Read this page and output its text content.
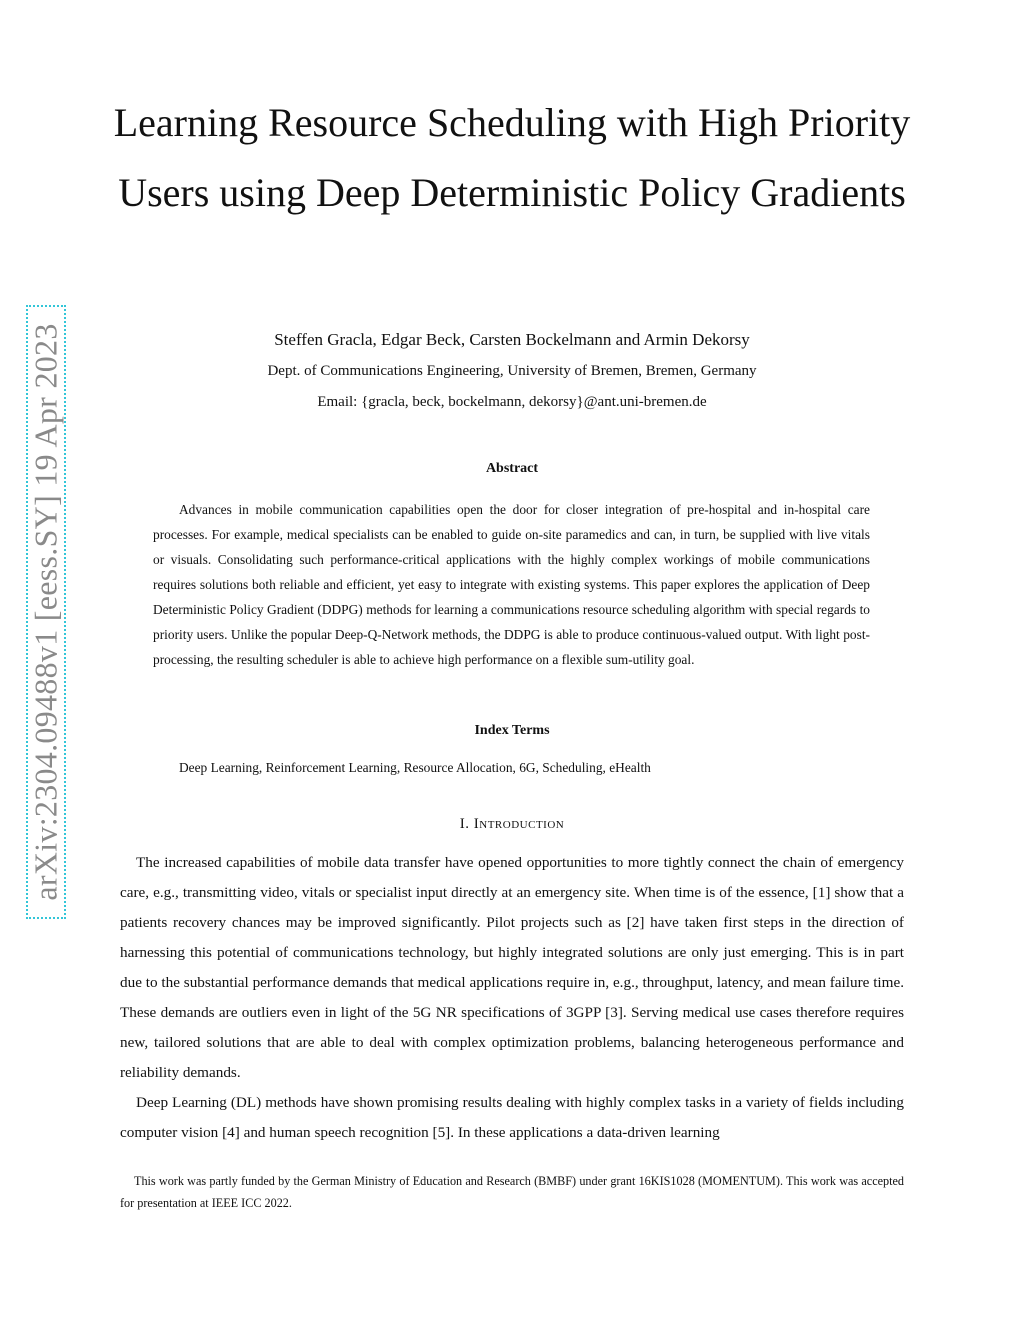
arXiv:2304.09488v1 [eess.SY] 19 Apr 2023
Learning Resource Scheduling with High Priority Users using Deep Deterministic Policy Gradients
Steffen Gracla, Edgar Beck, Carsten Bockelmann and Armin Dekorsy
Dept. of Communications Engineering, University of Bremen, Bremen, Germany
Email: {gracla, beck, bockelmann, dekorsy}@ant.uni-bremen.de
Abstract

Advances in mobile communication capabilities open the door for closer integration of pre-hospital and in-hospital care processes. For example, medical specialists can be enabled to guide on-site paramedics and can, in turn, be supplied with live vitals or visuals. Consolidating such performance-critical applications with the highly complex workings of mobile communications requires solutions both reliable and efficient, yet easy to integrate with existing systems. This paper explores the application of Deep Deterministic Policy Gradient (DDPG) methods for learning a communications resource scheduling algorithm with special regards to priority users. Unlike the popular Deep-Q-Network methods, the DDPG is able to produce continuous-valued output. With light post-processing, the resulting scheduler is able to achieve high performance on a flexible sum-utility goal.

Index Terms
Deep Learning, Reinforcement Learning, Resource Allocation, 6G, Scheduling, eHealth
I. Introduction

The increased capabilities of mobile data transfer have opened opportunities to more tightly connect the chain of emergency care, e.g., transmitting video, vitals or specialist input directly at an emergency site. When time is of the essence, [1] show that a patients recovery chances may be improved significantly. Pilot projects such as [2] have taken first steps in the direction of harnessing this potential of communications technology, but highly integrated solutions are only just emerging. This is in part due to the substantial performance demands that medical applications require in, e.g., throughput, latency, and mean failure time. These demands are outliers even in light of the 5G NR specifications of 3GPP [3]. Serving medical use cases therefore requires new, tailored solutions that are able to deal with complex optimization problems, balancing heterogeneous performance and reliability demands.

Deep Learning (DL) methods have shown promising results dealing with highly complex tasks in a variety of fields including computer vision [4] and human speech recognition [5]. In these applications a data-driven learning

This work was partly funded by the German Ministry of Education and Research (BMBF) under grant 16KIS1028 (MOMENTUM). This work was accepted for presentation at IEEE ICC 2022.
